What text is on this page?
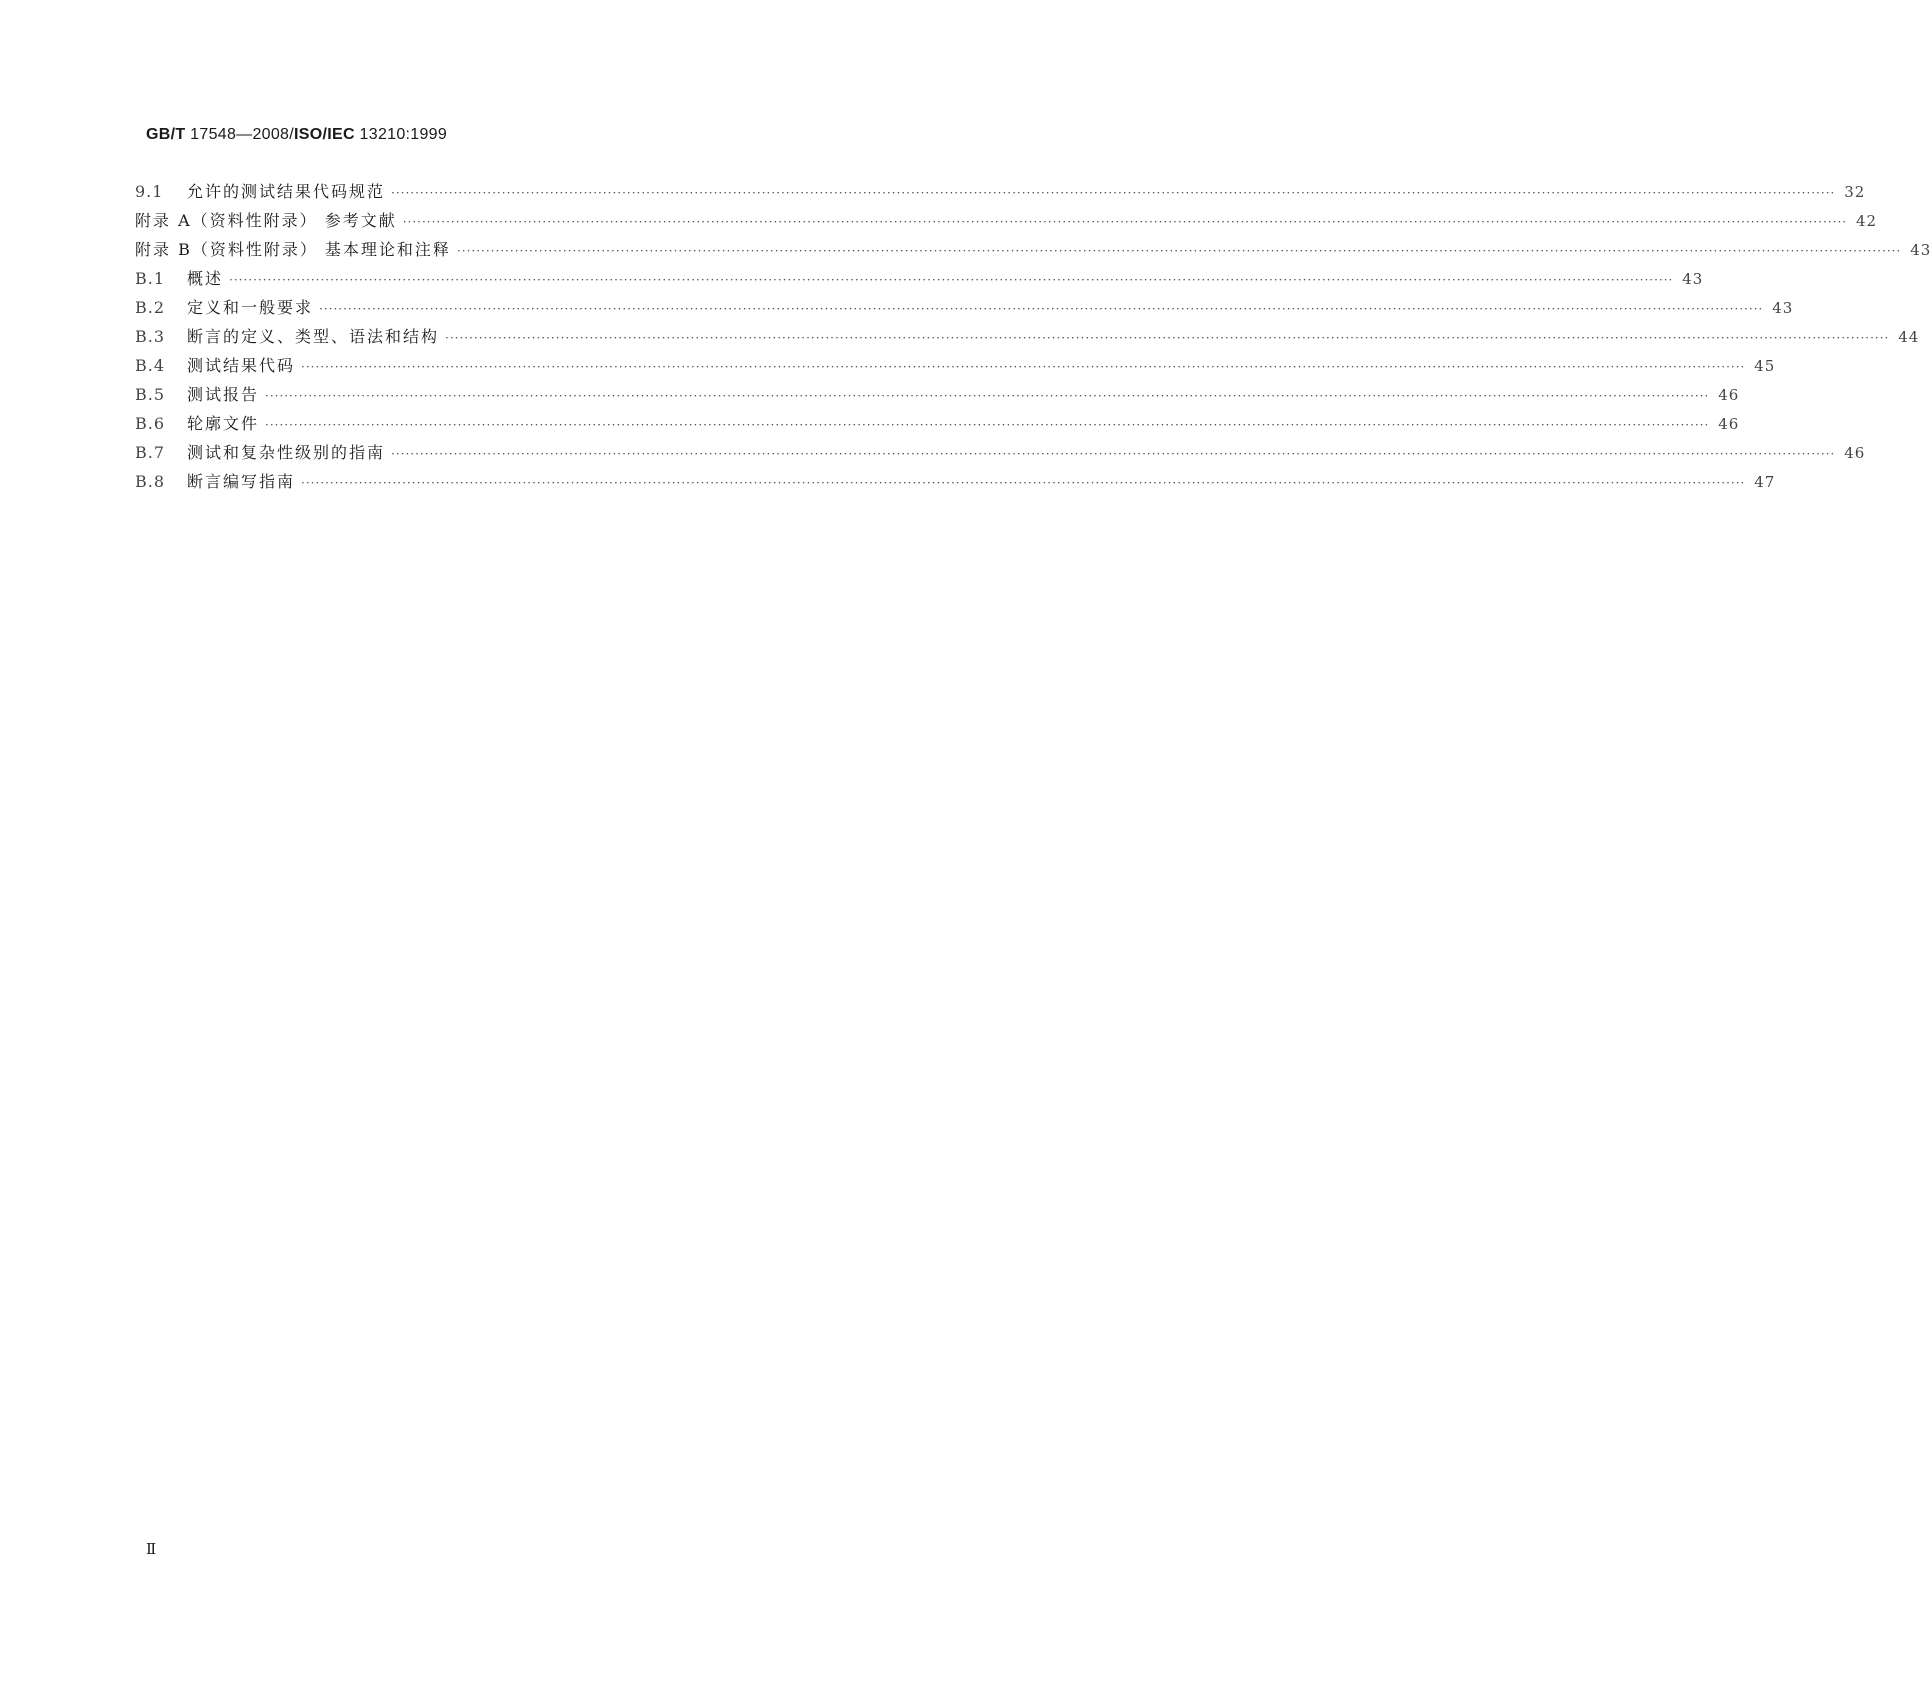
GB/T 17548—2008/ISO/IEC 13210:1999
9.1	允许的测试结果代码规范 ············································································································································································································································································································ 32
附录 A（资料性附录） 参考文献 ············································································································································································································································································································ 42
附录 B（资料性附录） 基本理论和注释 ············································································································································································································································································································ 43
B.1	概述 ············································································································································································································································································································ 43
B.2	定义和一般要求 ············································································································································································································································································································ 43
B.3	断言的定义、类型、语法和结构 ············································································································································································································································································································ 44
B.4	测试结果代码 ············································································································································································································································································································ 45
B.5	测试报告 ············································································································································································································································································································ 46
B.6	轮廓文件 ············································································································································································································································································································ 46
B.7	测试和复杂性级别的指南 ············································································································································································································································································································ 46
B.8	断言编写指南 ············································································································································································································································································································ 47
Ⅱ
